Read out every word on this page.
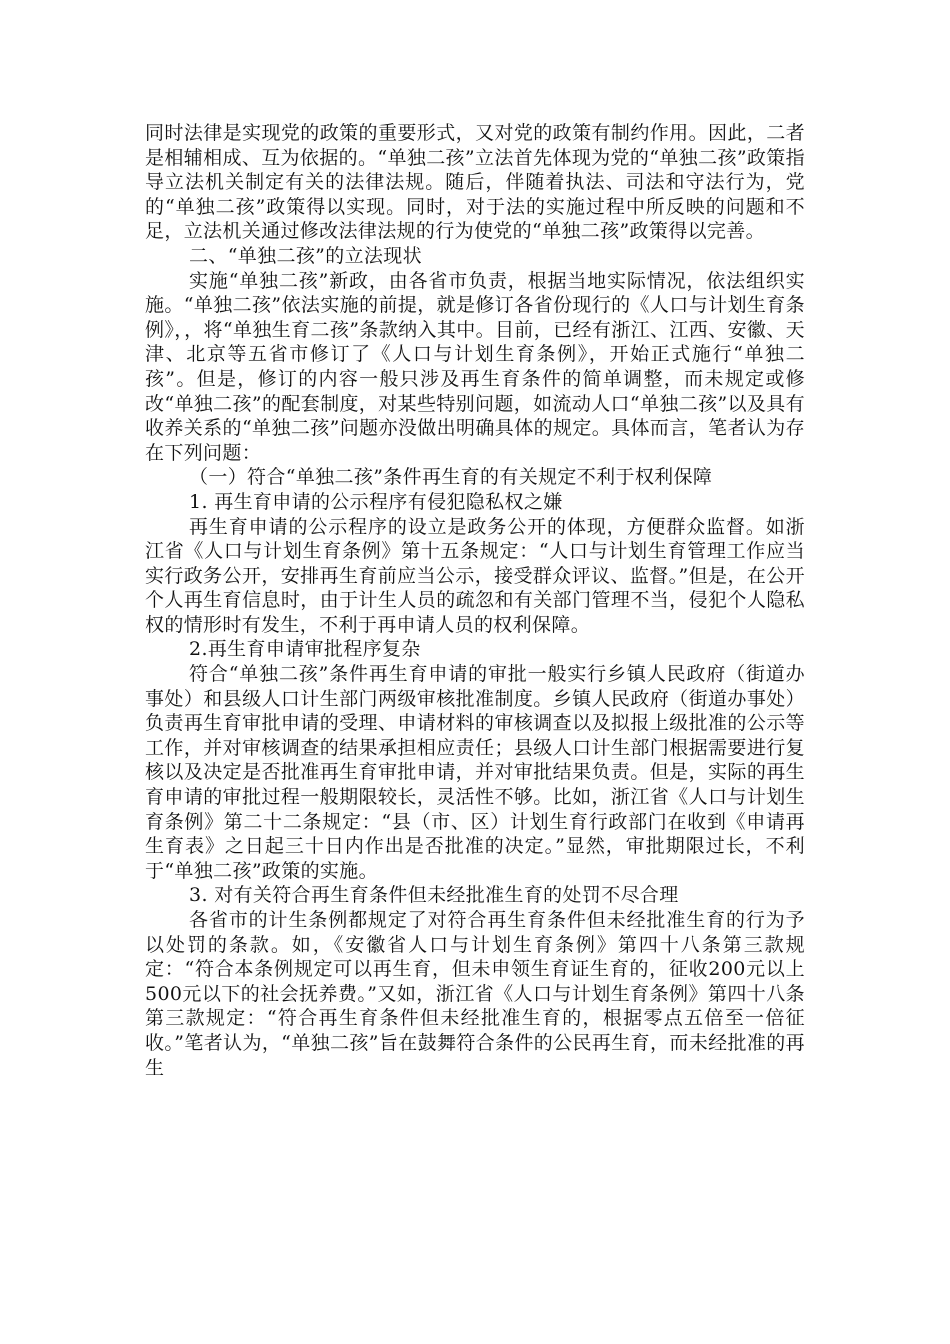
同时法律是实现党的政策的重要形式，又对党的政策有制约作用。因此，二者是相辅相成、互为依据的。“单独二孩”立法首先体现为党的“单独二孩”政策指导立法机关制定有关的法律法规。随后，伴随着执法、司法和守法行为，党的“单独二孩”政策得以实现。同时，对于法的实施过程中所反映的问题和不足，立法机关通过修改法律法规的行为使党的“单独二孩”政策得以完善。

二、“单独二孩”的立法现状

实施“单独二孩”新政，由各省市负责，根据当地实际情况，依法组织实施。“单独二孩”依法实施的前提，就是修订各省份现行的《人口与计划生育条例》，，将“单独生育二孩”条款纳入其中。目前，已经有浙江、江西、安徽、天津、北京等五省市修订了《人口与计划生育条例》，开始正式施行“单独二孩”。但是，修订的内容一般只涉及再生育条件的简单调整，而未规定或修改“单独二孩”的配套制度，对某些特别问题，如流动人口“单独二孩”以及具有收养关系的“单独二孩”问题亦没做出明确具体的规定。具体而言，笔者认为存在下列问题：

（一）符合“单独二孩”条件再生育的有关规定不利于权利保障

1. 再生育申请的公示程序有侵犯隐私权之嫌

再生育申请的公示程序的设立是政务公开的体现，方便群众监督。如浙江省《人口与计划生育条例》第十五条规定：“人口与计划生育管理工作应当实行政务公开，安排再生育前应当公示，接受群众评议、监督。”但是，在公开个人再生育信息时，由于计生人员的疏忽和有关部门管理不当，侵犯个人隐私权的情形时有发生，不利于再申请人员的权利保障。

2.再生育申请审批程序复杂

符合“单独二孩”条件再生育申请的审批一般实行乡镇人民政府（街道办事处）和县级人口计生部门两级审核批准制度。乡镇人民政府（街道办事处）负责再生育审批申请的受理、申请材料的审核调查以及拟报上级批准的公示等工作，并对审核调查的结果承担相应责任；县级人口计生部门根据需要进行复核以及决定是否批准再生育审批申请，并对审批结果负责。但是，实际的再生育申请的审批过程一般期限较长，灵活性不够。比如，浙江省《人口与计划生育条例》第二十二条规定：“县（市、区）计划生育行政部门在收到《申请再生育表》之日起三十日内作出是否批准的决定。”显然，审批期限过长，不利于“单独二孩”政策的实施。

3. 对有关符合再生育条件但未经批准生育的处罚不尽合理

各省市的计生条例都规定了对符合再生育条件但未经批准生育的行为予以处罚的条款。如，《安徽省人口与计划生育条例》第四十八条第三款规定：“符合本条例规定可以再生育，但未申领生育证生育的，征收200元以上500元以下的社会抚养费。”又如，浙江省《人口与计划生育条例》第四十八条第三款规定：“符合再生育条件但未经批准生育的，根据零点五倍至一倍征收。”笔者认为，“单独二孩”旨在鼓舞符合条件的公民再生育，而未经批准的再生
